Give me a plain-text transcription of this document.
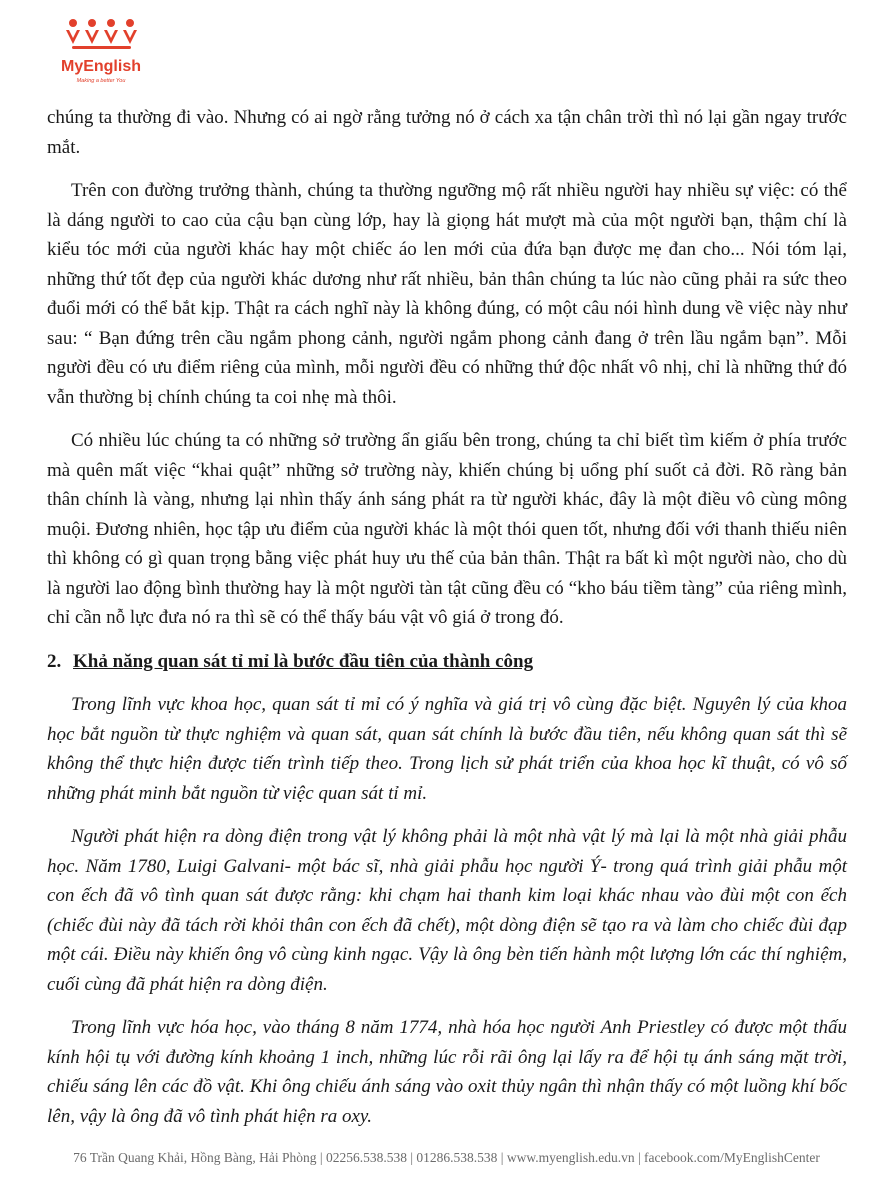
MyEnglish
Making a better You

chúng ta thường đi vào. Nhưng có ai ngờ rằng tưởng nó ở cách xa tận chân trời thì nó lại gần ngay trước mắt.

Trên con đường trưởng thành, chúng ta thường ngưỡng mộ rất nhiều người hay nhiều sự việc: có thể là dáng người to cao của cậu bạn cùng lớp, hay là giọng hát mượt mà của một người bạn, thậm chí là kiểu tóc mới của người khác hay một chiếc áo len mới của đứa bạn được mẹ đan cho... Nói tóm lại, những thứ tốt đẹp của người khác dương như rất nhiều, bản thân chúng ta lúc nào cũng phải ra sức theo đuổi mới có thể bắt kịp. Thật ra cách nghĩ này là không đúng, có một câu nói hình dung về việc này như sau: “ Bạn đứng trên cầu ngắm phong cảnh, người ngắm phong cảnh đang ở trên lầu ngắm bạn”. Mỗi người đều có ưu điểm riêng của mình, mỗi người đều có những thứ độc nhất vô nhị, chỉ là những thứ đó vẫn thường bị chính chúng ta coi nhẹ mà thôi.

Có nhiều lúc chúng ta có những sở trường ẩn giấu bên trong, chúng ta chỉ biết tìm kiếm ở phía trước mà quên mất việc “khai quật” những sở trường này, khiến chúng bị uổng phí suốt cả đời. Rõ ràng bản thân chính là vàng, nhưng lại nhìn thấy ánh sáng phát ra từ người khác, đây là một điều vô cùng mông muội. Đương nhiên, học tập ưu điểm của người khác là một thói quen tốt, nhưng đối với thanh thiếu niên thì không có gì quan trọng bằng việc phát huy ưu thế của bản thân. Thật ra bất kì một người nào, cho dù là người lao động bình thường hay là một người tàn tật cũng đều có “kho báu tiềm tàng” của riêng mình, chỉ cần nỗ lực đưa nó ra thì sẽ có thể thấy báu vật vô giá ở trong đó.

2. Khả năng quan sát tỉ mỉ là bước đầu tiên của thành công

Trong lĩnh vực khoa học, quan sát tỉ mỉ có ý nghĩa và giá trị vô cùng đặc biệt. Nguyên lý của khoa học bắt nguồn từ thực nghiệm và quan sát, quan sát chính là bước đầu tiên, nếu không quan sát thì sẽ không thể thực hiện được tiến trình tiếp theo. Trong lịch sử phát triển của khoa học kĩ thuật, có vô số những phát minh bắt nguồn từ việc quan sát tỉ mỉ.

Người phát hiện ra dòng điện trong vật lý không phải là một nhà vật lý mà lại là một nhà giải phẫu học. Năm 1780, Luigi Galvani- một bác sĩ, nhà giải phẫu học người Ý- trong quá trình giải phẫu một con ếch đã vô tình quan sát được rằng: khi chạm hai thanh kim loại khác nhau vào đùi một con ếch (chiếc đùi này đã tách rời khỏi thân con ếch đã chết), một dòng điện sẽ tạo ra và làm cho chiếc đùi đạp một cái. Điều này khiến ông vô cùng kinh ngạc. Vậy là ông bèn tiến hành một lượng lớn các thí nghiệm, cuối cùng đã phát hiện ra dòng điện.

Trong lĩnh vực hóa học, vào tháng 8 năm 1774, nhà hóa học người Anh Priestley có được một thấu kính hội tụ với đường kính khoảng 1 inch, những lúc rỗi rãi ông lại lấy ra để hội tụ ánh sáng mặt trời, chiếu sáng lên các đồ vật. Khi ông chiếu ánh sáng vào oxit thủy ngân thì nhận thấy có một luồng khí bốc lên, vậy là ông đã vô tình phát hiện ra oxy.

76 Trần Quang Khải, Hồng Bàng, Hải Phòng | 02256.538.538 | 01286.538.538 | www.myenglish.edu.vn | facebook.com/MyEnglishCenter
